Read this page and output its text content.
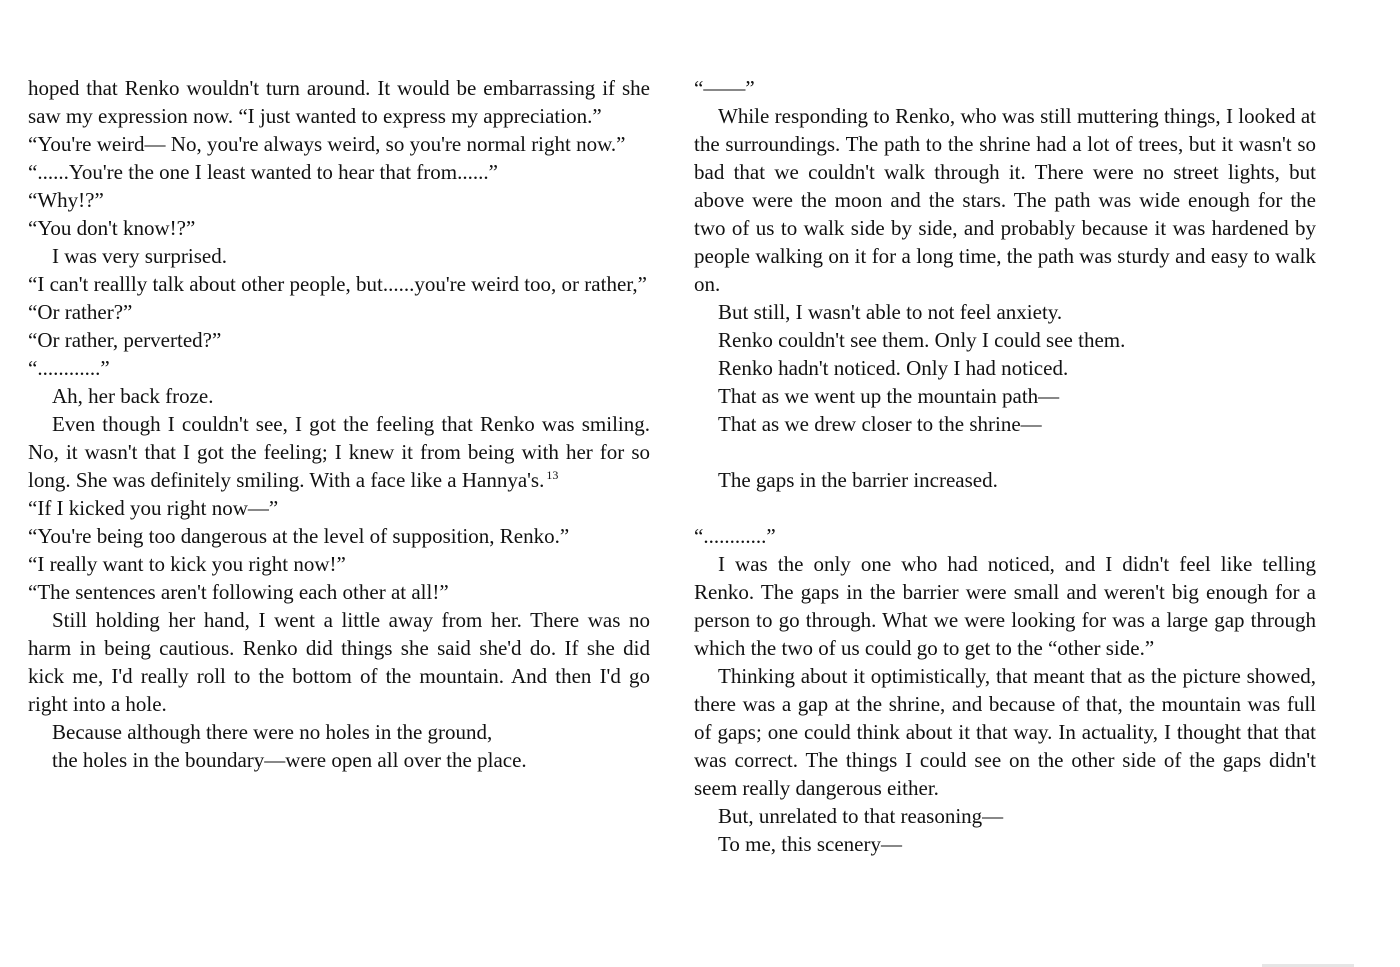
hoped that Renko wouldn't turn around. It would be embarrassing if she saw my expression now. “I just wanted to express my appreciation.”

“You're weird— No, you're always weird, so you're normal right now.”

“......You're the one I least wanted to hear that from......”

“Why!?”

“You don't know!?”

I was very surprised.

“I can't reallly talk about other people, but......you're weird too, or rather,”

“Or rather?”

“Or rather, perverted?”

“............”

Ah, her back froze.

Even though I couldn't see, I got the feeling that Renko was smiling. No, it wasn't that I got the feeling; I knew it from being with her for so long. She was definitely smiling. With a face like a Hannya's. $^{13}$

“If I kicked you right now—”

“You're being too dangerous at the level of supposition, Renko.”

“I really want to kick you right now!”

“The sentences aren't following each other at all!”

Still holding her hand, I went a little away from her. There was no harm in being cautious. Renko did things she said she'd do. If she did kick me, I'd really roll to the bottom of the mountain. And then I'd go right into a hole.

Because although there were no holes in the ground,

the holes in the boundary—were open all over the place.

“——”

While responding to Renko, who was still muttering things, I looked at the surroundings. The path to the shrine had a lot of trees, but it wasn't so bad that we couldn't walk through it. There were no street lights, but above were the moon and the stars. The path was wide enough for the two of us to walk side by side, and probably because it was hardened by people walking on it for a long time, the path was sturdy and easy to walk on.

But still, I wasn't able to not feel anxiety.

Renko couldn't see them. Only I could see them.

Renko hadn't noticed. Only I had noticed.

That as we went up the mountain path—

That as we drew closer to the shrine—

The gaps in the barrier increased.

“............”

I was the only one who had noticed, and I didn't feel like telling Renko. The gaps in the barrier were small and weren't big enough for a person to go through. What we were looking for was a large gap through which the two of us could go to get to the “other side.”

Thinking about it optimistically, that meant that as the picture showed, there was a gap at the shrine, and because of that, the mountain was full of gaps; one could think about it that way. In actuality, I thought that that was correct. The things I could see on the other side of the gaps didn't seem really dangerous either.

But, unrelated to that reasoning—

To me, this scenery—
